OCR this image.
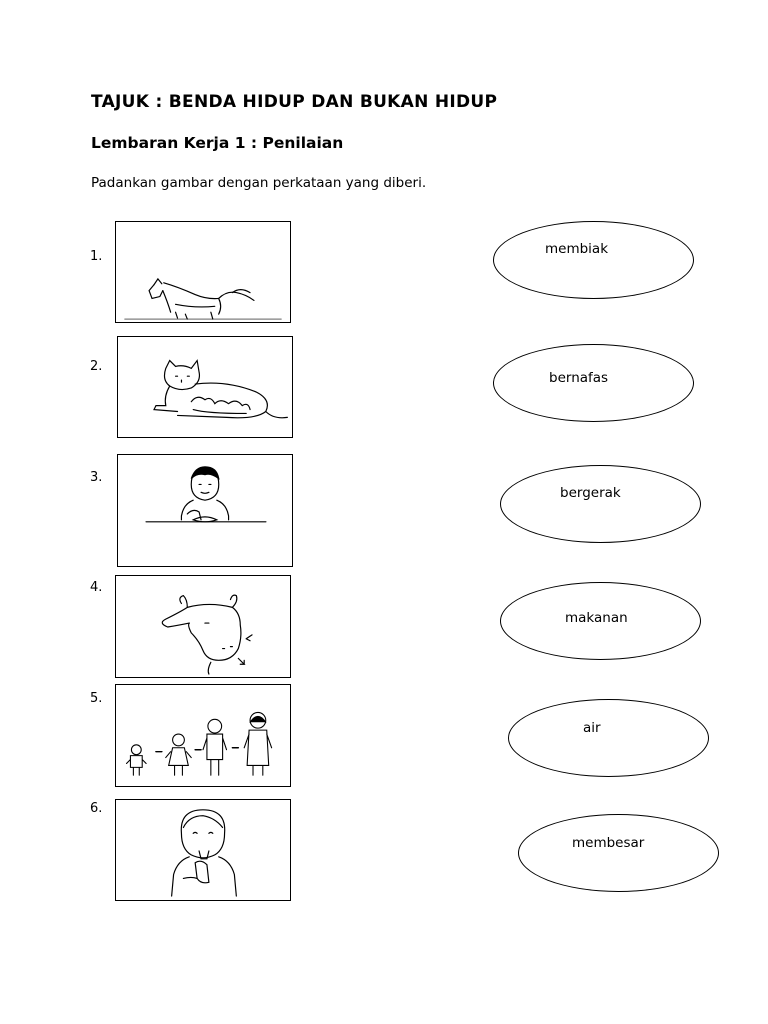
TAJUK : BENDA HIDUP DAN BUKAN HIDUP
Lembaran Kerja 1 : Penilaian
Padankan gambar dengan perkataan yang diberi.
1.
2.
3.
4.
5.
6.
membiak
bernafas
bergerak
makanan
air
membesar
